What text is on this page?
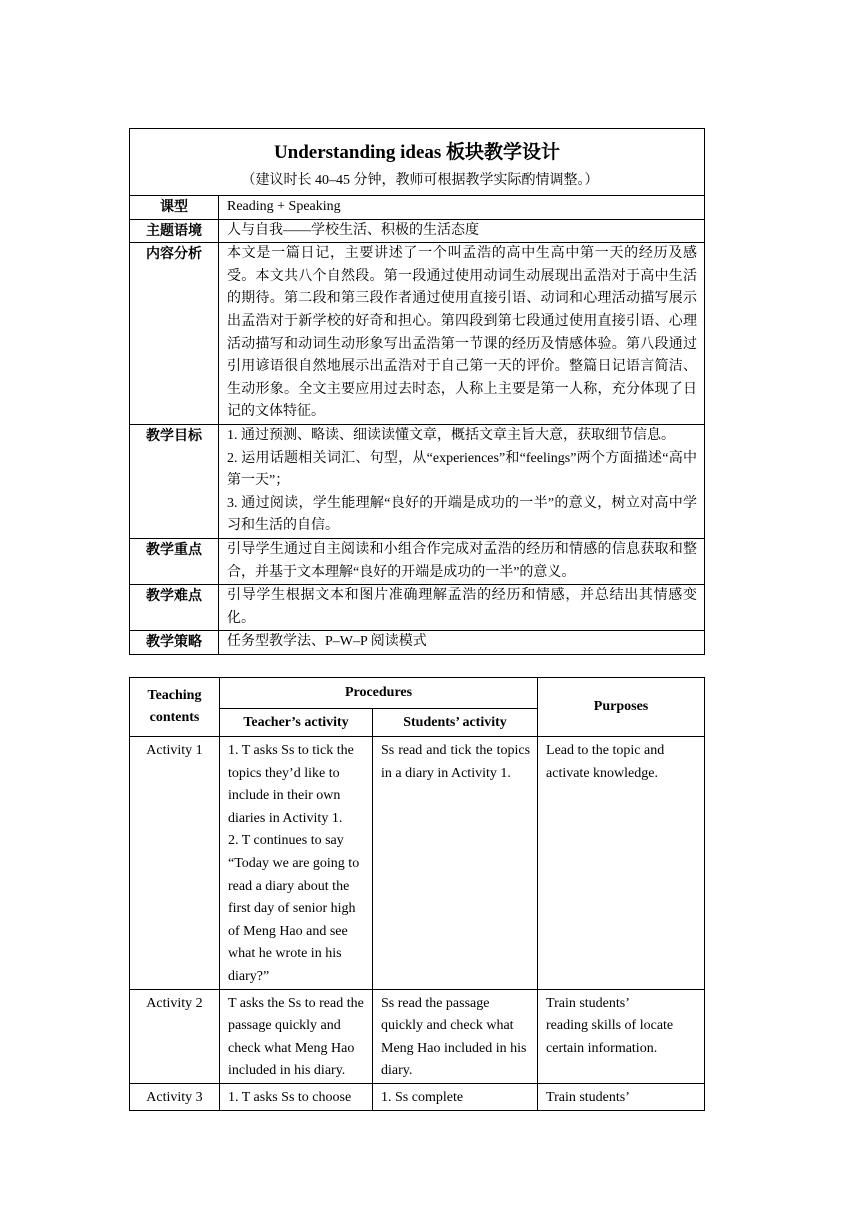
Understanding ideas 板块教学设计
（建议时长 40–45 分钟，教师可根据教学实际酌情调整。）	

课型	Reading + Speaking
主题语境	人与自我——学校生活、积极的生活态度
内容分析	本文是一篇日记，主要讲述了一个叫孟浩的高中生高中第一天的经历及感受。本文共八个自然段。第一段通过使用动词生动展现出孟浩对于高中生活的期待。第二段和第三段作者通过使用直接引语、动词和心理活动描写展示出孟浩对于新学校的好奇和担心。第四段到第七段通过使用直接引语、心理活动描写和动词生动形象写出孟浩第一节课的经历及情感体验。第八段通过引用谚语很自然地展示出孟浩对于自己第一天的评价。整篇日记语言简洁、生动形象。全文主要应用过去时态，人称上主要是第一人称，充分体现了日记的文体特征。
教学目标	1. 通过预测、略读、细读读懂文章，概括文章主旨大意，获取细节信息。

2. 运用话题相关词汇、句型，从“experiences”和“feelings”两个方面描述“高中第一天”；

3. 通过阅读，学生能理解“良好的开端是成功的一半”的意义，树立对高中学习和生活的自信。

教学重点	引导学生通过自主阅读和小组合作完成对孟浩的经历和情感的信息获取和整合，并基于文本理解“良好的开端是成功的一半”的意义。
教学难点	引导学生根据文本和图片准确理解孟浩的经历和情感，并总结出其情感变化。
教学策略	任务型教学法、P–W–P 阅读模式
Teaching contents	Procedures		Purposes
	Teacher’s activity	Students’ activity	
Activity 1	1. T asks Ss to tick the topics they’d like to include in their own diaries in Activity 1.

2. T continues to say “Today we are going to read a diary about the first day of senior high of Meng Hao and see what he wrote in his diary?”	Ss read and tick the topics in a diary in Activity 1.	Lead to the topic and activate knowledge.

Activity 2	T asks the Ss to read the passage quickly and check what Meng Hao included in his diary.	Ss read the passage quickly and check what Meng Hao included in his diary.	Train students’ reading skills of locate certain information.

Activity 3	1. T asks Ss to choose	1. Ss complete	Train students’
